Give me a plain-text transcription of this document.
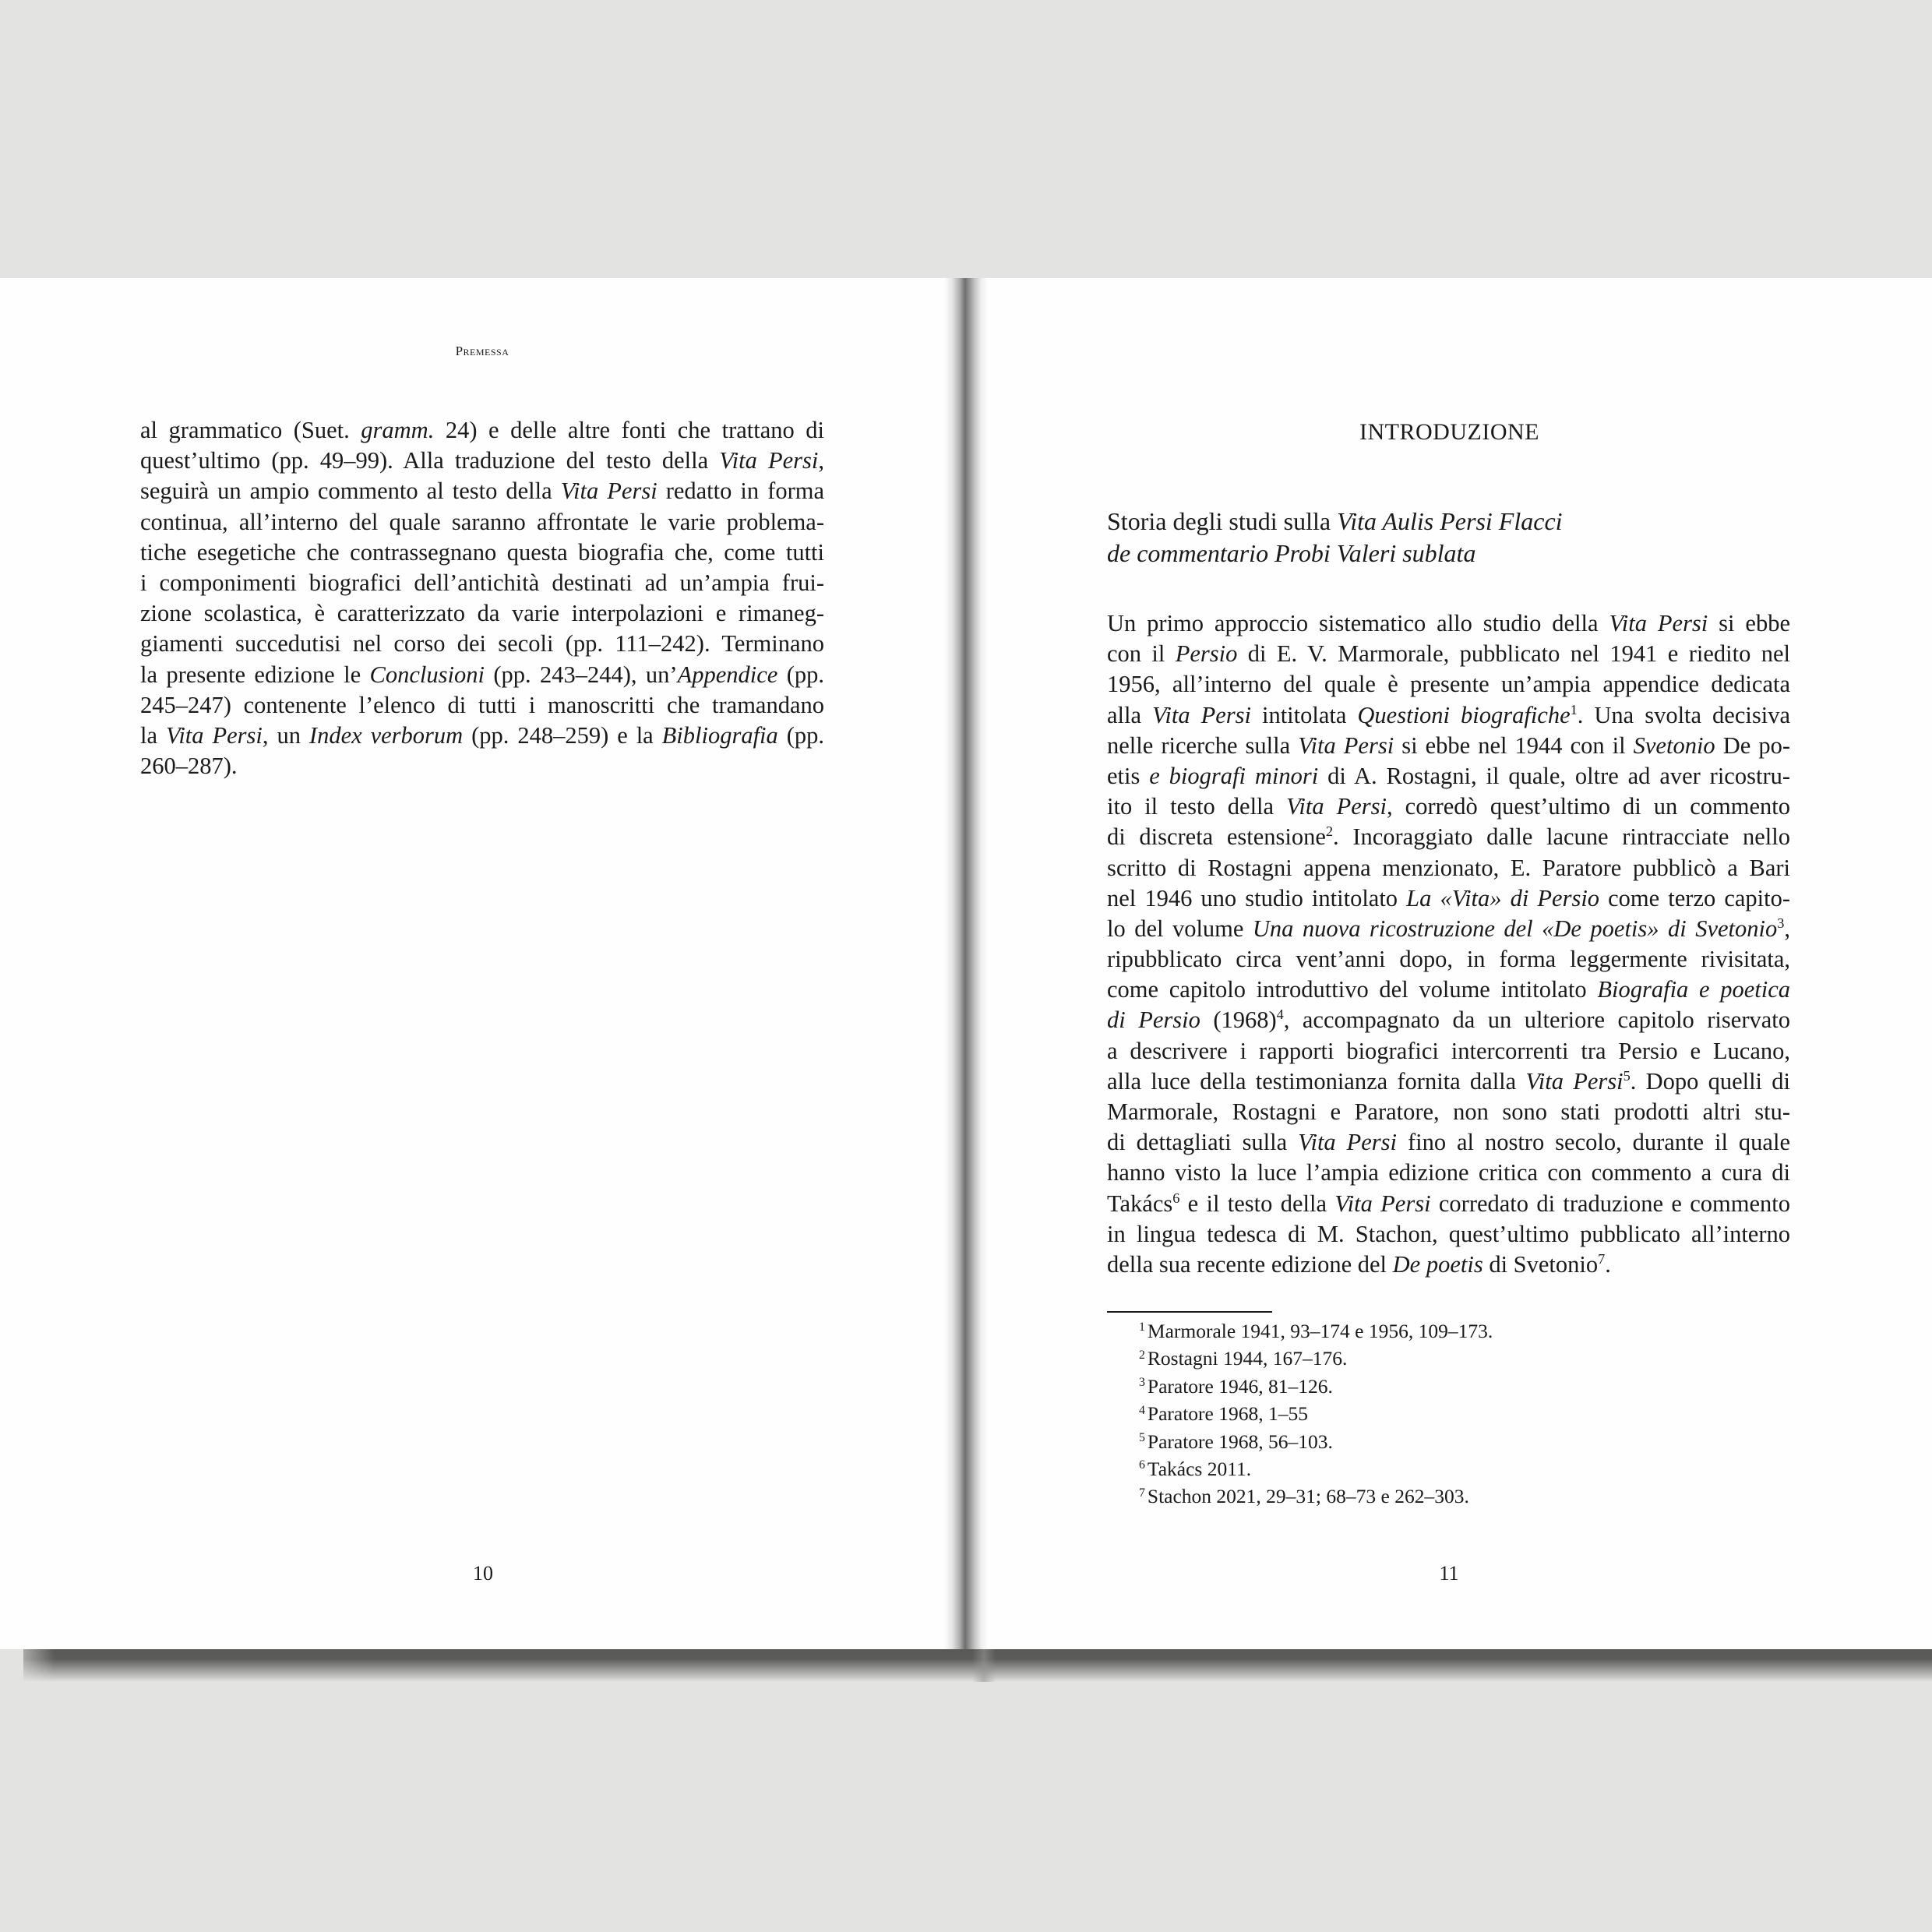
Premessa
al grammatico (Suet. gramm. 24) e delle altre fonti che trattano di
quest’ultimo (pp. 49–99). Alla traduzione del testo della Vita Persi,
seguirà un ampio commento al testo della Vita Persi redatto in forma
continua, all’interno del quale saranno affrontate le varie problema-
tiche esegetiche che contrassegnano questa biografia che, come tutti
i componimenti biografici dell’antichità destinati ad un’ampia frui-
zione scolastica, è caratterizzato da varie interpolazioni e rimaneg-
giamenti succedutisi nel corso dei secoli (pp. 111–242). Terminano
la presente edizione le Conclusioni (pp. 243–244), un’Appendice (pp.
245–247) contenente l’elenco di tutti i manoscritti che tramandano
la Vita Persi, un Index verborum (pp. 248–259) e la Bibliografia (pp.
260–287).
10
INTRODUZIONE
Storia degli studi sulla Vita Aulis Persi Flacci
de commentario Probi Valeri sublata
Un primo approccio sistematico allo studio della Vita Persi si ebbe
con il Persio di E. V. Marmorale, pubblicato nel 1941 e riedito nel
1956, all’interno del quale è presente un’ampia appendice dedicata
alla Vita Persi intitolata Questioni biografiche$^1$. Una svolta decisiva
nelle ricerche sulla Vita Persi si ebbe nel 1944 con il Svetonio De po-
etis e biografi minori di A. Rostagni, il quale, oltre ad aver ricostru-
ito il testo della Vita Persi, corredò quest’ultimo di un commento
di discreta estensione$^2$. Incoraggiato dalle lacune rintracciate nello
scritto di Rostagni appena menzionato, E. Paratore pubblicò a Bari
nel 1946 uno studio intitolato La «Vita» di Persio come terzo capito-
lo del volume Una nuova ricostruzione del «De poetis» di Svetonio$^3$,
ripubblicato circa vent’anni dopo, in forma leggermente rivisitata,
come capitolo introduttivo del volume intitolato Biografia e poetica
di Persio $(1968)^4$, accompagnato da un ulteriore capitolo riservato
a descrivere i rapporti biografici intercorrenti tra Persio e Lucano,
alla luce della testimonianza fornita dalla Vita Persi$^5$. Dopo quelli di
Marmorale, Rostagni e Paratore, non sono stati prodotti altri stu-
di dettagliati sulla Vita Persi fino al nostro secolo, durante il quale
hanno visto la luce l’ampia edizione critica con commento a cura di
Takács$^6$ e il testo della Vita Persi corredato di traduzione e commento
in lingua tedesca di M. Stachon, quest’ultimo pubblicato all’interno
della sua recente edizione del De poetis di Svetonio$^7$.
$^1$ Marmorale 1941, 93–174 e 1956, 109–173.
$^2$ Rostagni 1944, 167–176.
$^3$ Paratore 1946, 81–126.
$^4$ Paratore 1968, 1–55
$^5$ Paratore 1968, 56–103.
$^6$ Takács 2011.
$^7$ Stachon 2021, 29–31; 68–73 e 262–303.
11
